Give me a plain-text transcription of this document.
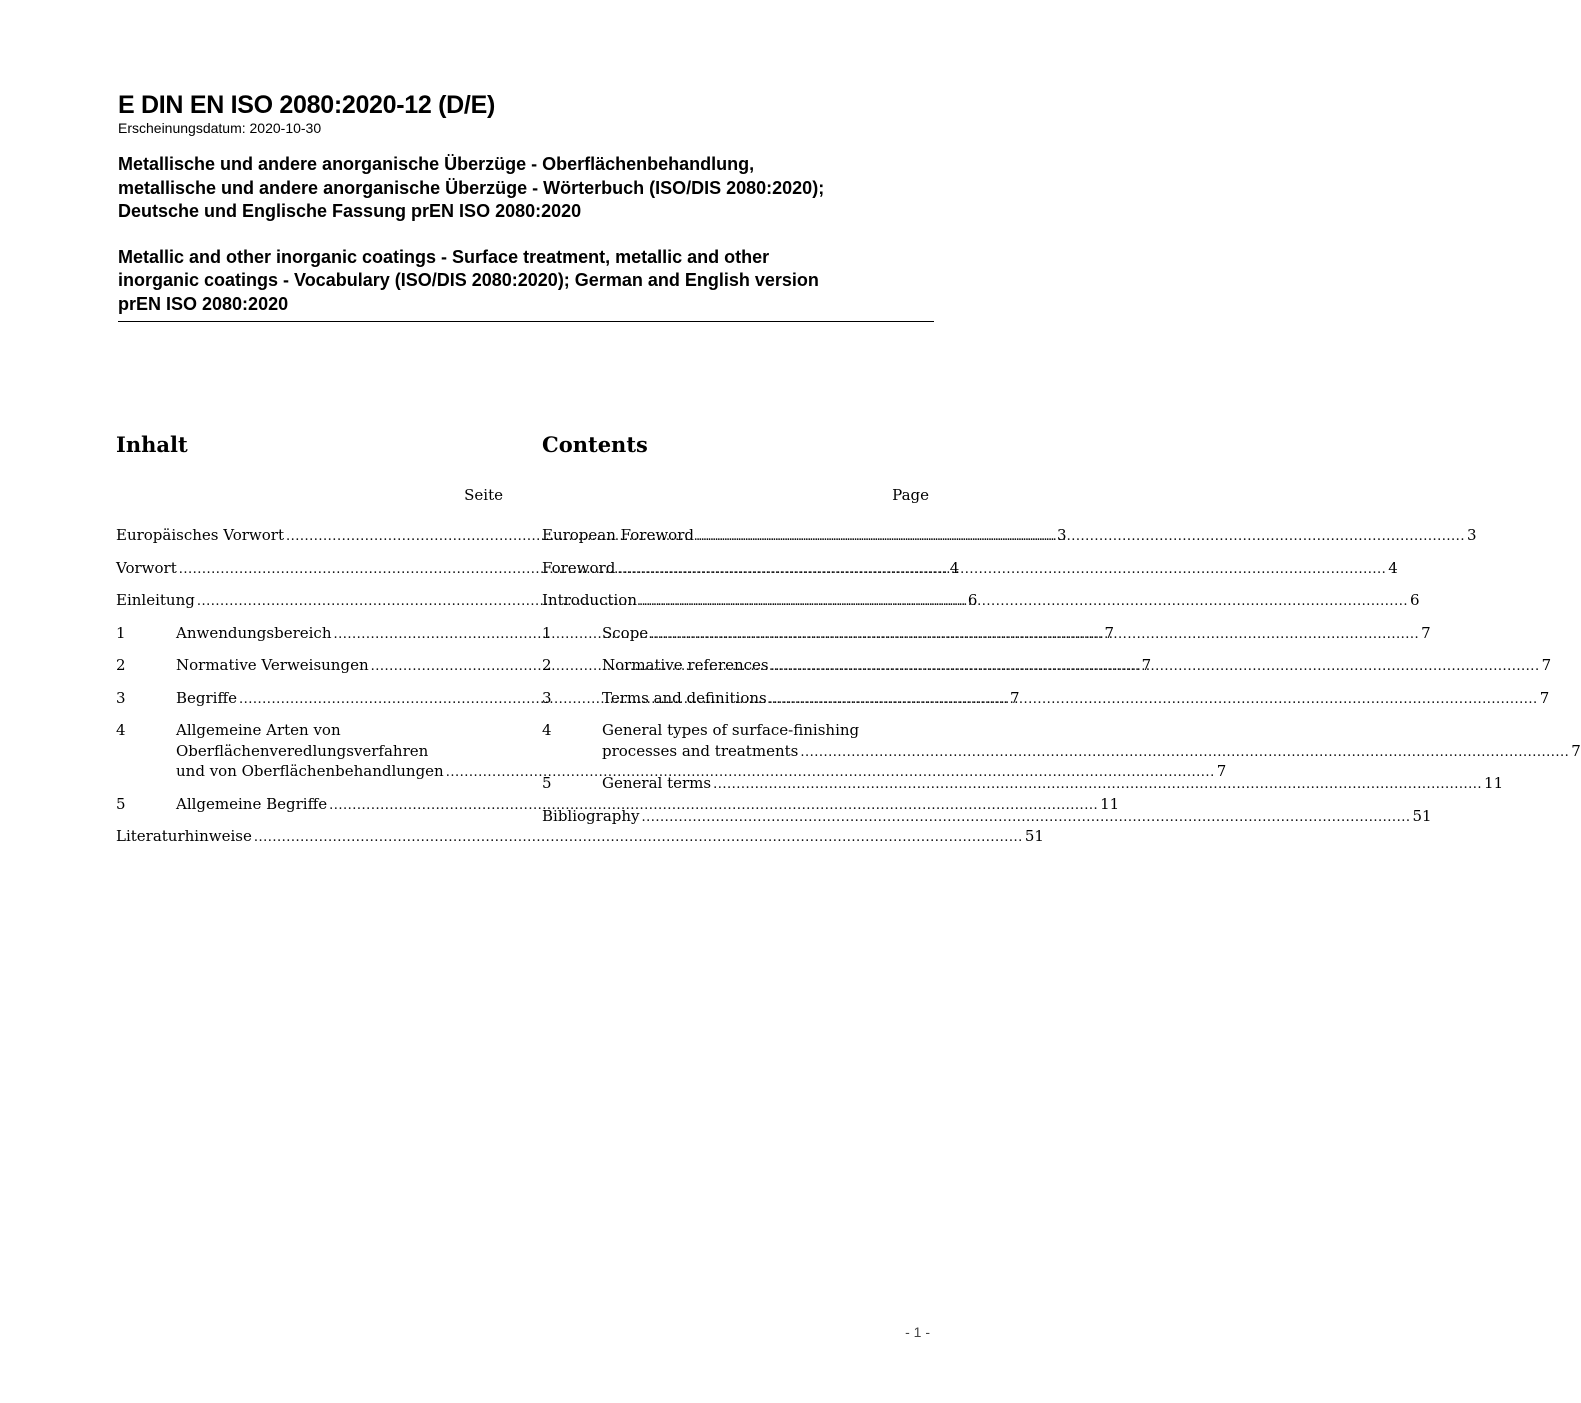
E DIN EN ISO 2080:2020-12 (D/E)

Erscheinungsdatum: 2020-10-30

Metallische und andere anorganische Überzüge - Oberflächenbehandlung,
metallische und andere anorganische Überzüge - Wörterbuch (ISO/DIS 2080:2020);
Deutsche und Englische Fassung prEN ISO 2080:2020

Metallic and other inorganic coatings - Surface treatment, metallic and other
inorganic coatings - Vocabulary (ISO/DIS 2080:2020); German and English version
prEN ISO 2080:2020

Inhalt
Seite
Europäisches Vorwort .....	3
Vorwort .....	4
Einleitung .....	6
1	Anwendungsbereich .....	7
2	Normative Verweisungen .....	7
3	Begriffe .....	7
4	Allgemeine Arten von
Oberflächenveredlungsverfahren
und von Oberflächenbehandlungen .....	7
5	Allgemeine Begriffe .....	11
Literaturhinweise .....	51
Contents
Page
European Foreword .....	3
Foreword .....	4
Introduction .....	6
1	Scope .....	7
2	Normative references .....	7
3	Terms and definitions .....	7
4	General types of surface-finishing
processes and treatments .....	7
5	General terms .....	11
Bibliography .....	51
- 1 -
